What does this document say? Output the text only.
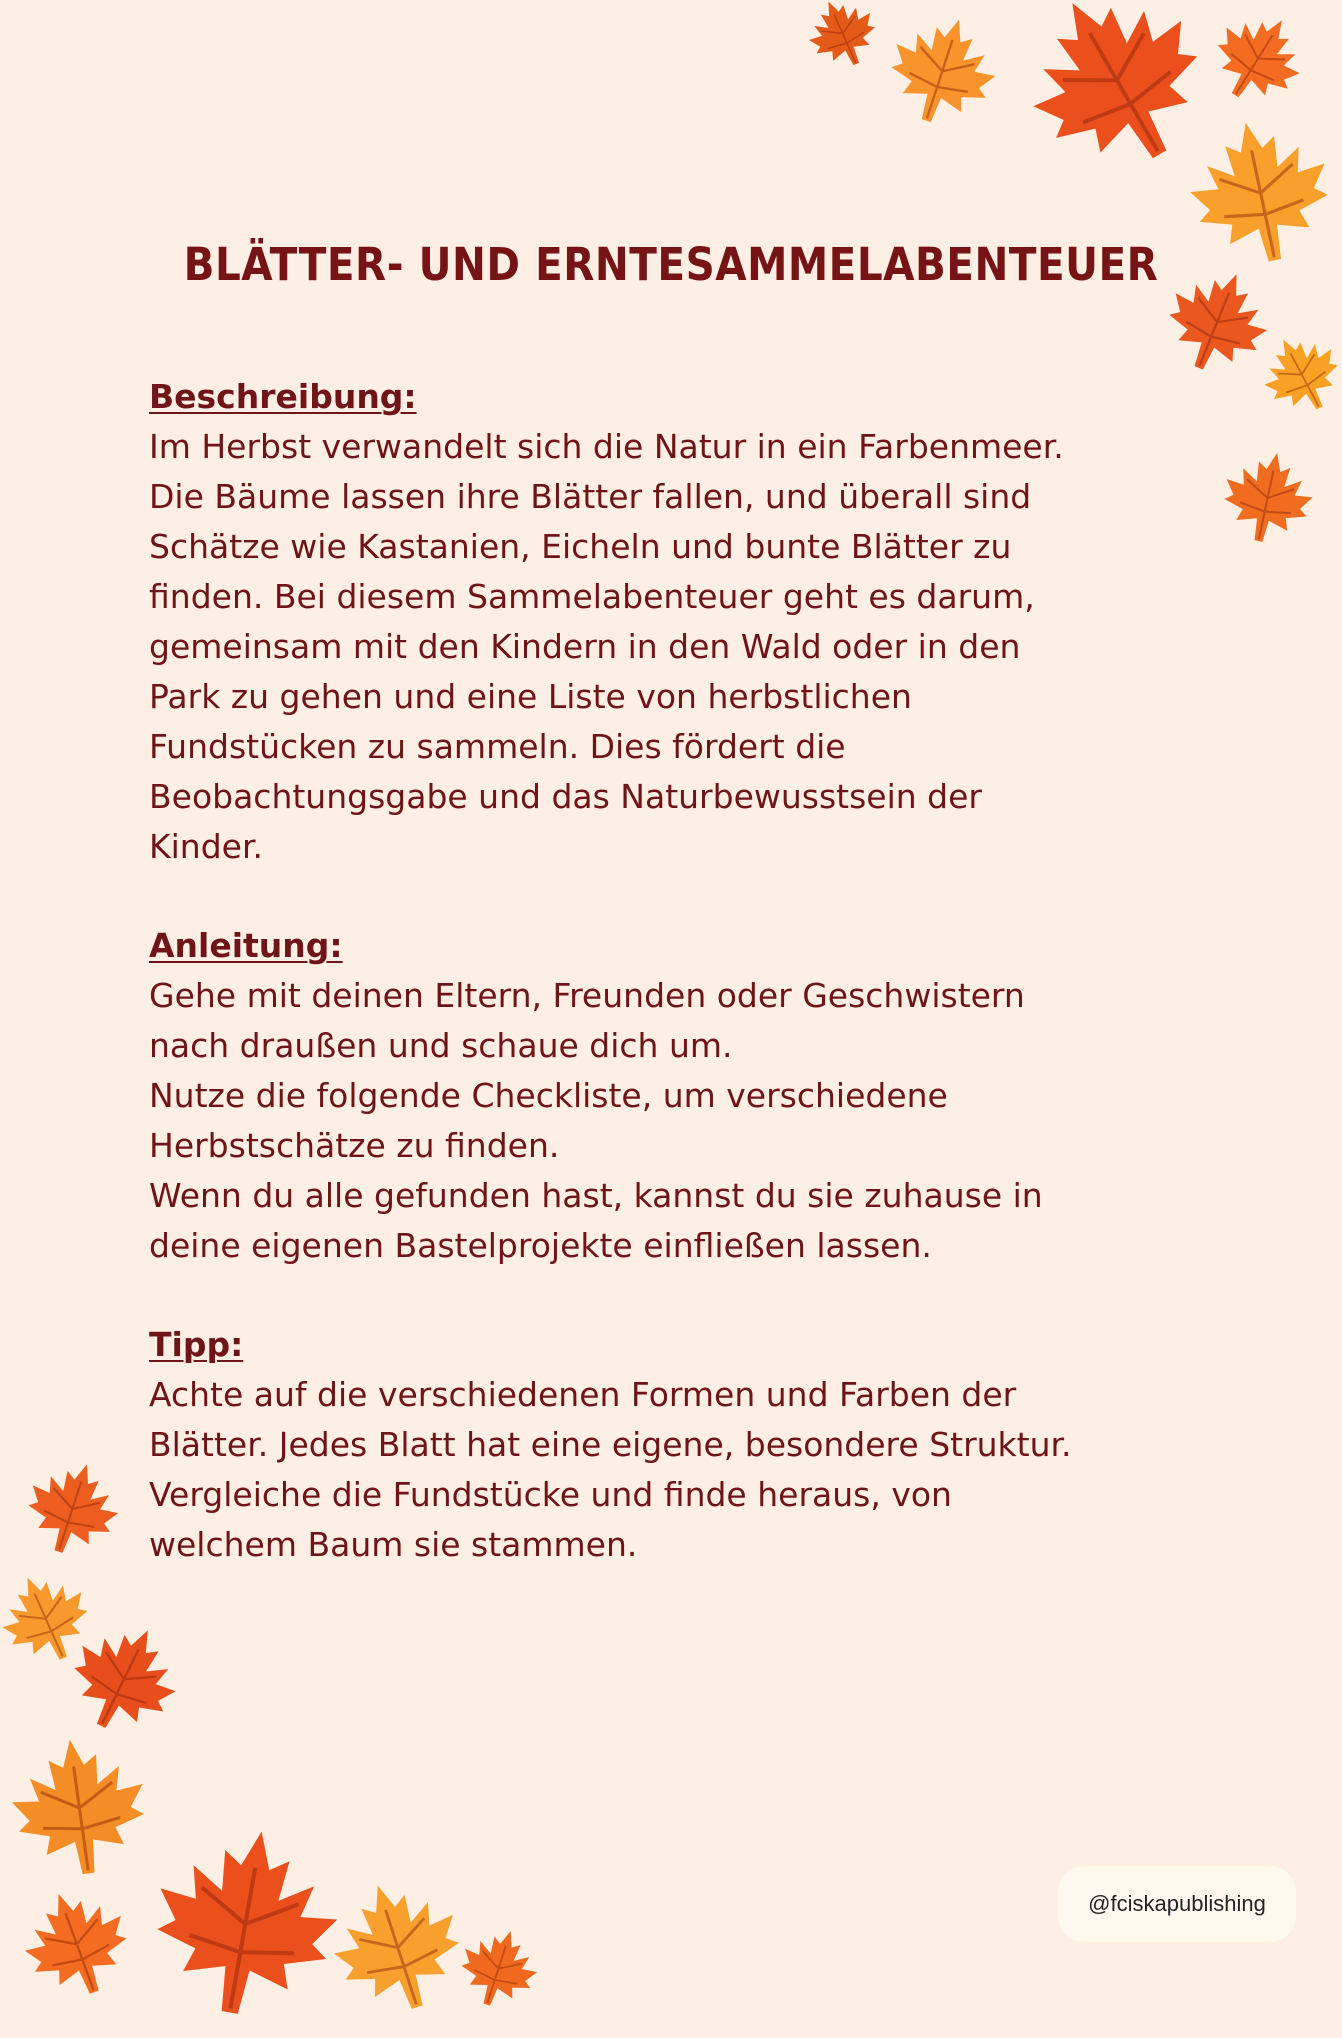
BLÄTTER- UND ERNTESAMMELABENTEUER
Beschreibung:
Im Herbst verwandelt sich die Natur in ein Farbenmeer.
Die Bäume lassen ihre Blätter fallen, und überall sind
Schätze wie Kastanien, Eicheln und bunte Blätter zu
finden. Bei diesem Sammelabenteuer geht es darum,
gemeinsam mit den Kindern in den Wald oder in den
Park zu gehen und eine Liste von herbstlichen
Fundstücken zu sammeln. Dies fördert die
Beobachtungsgabe und das Naturbewusstsein der
Kinder.
Anleitung:
Gehe mit deinen Eltern, Freunden oder Geschwistern
nach draußen und schaue dich um.
Nutze die folgende Checkliste, um verschiedene
Herbstschätze zu finden.
Wenn du alle gefunden hast, kannst du sie zuhause in
deine eigenen Bastelprojekte einfließen lassen.
Tipp:
Achte auf die verschiedenen Formen und Farben der
Blätter. Jedes Blatt hat eine eigene, besondere Struktur.
Vergleiche die Fundstücke und finde heraus, von
welchem Baum sie stammen.
@fciskapublishing
